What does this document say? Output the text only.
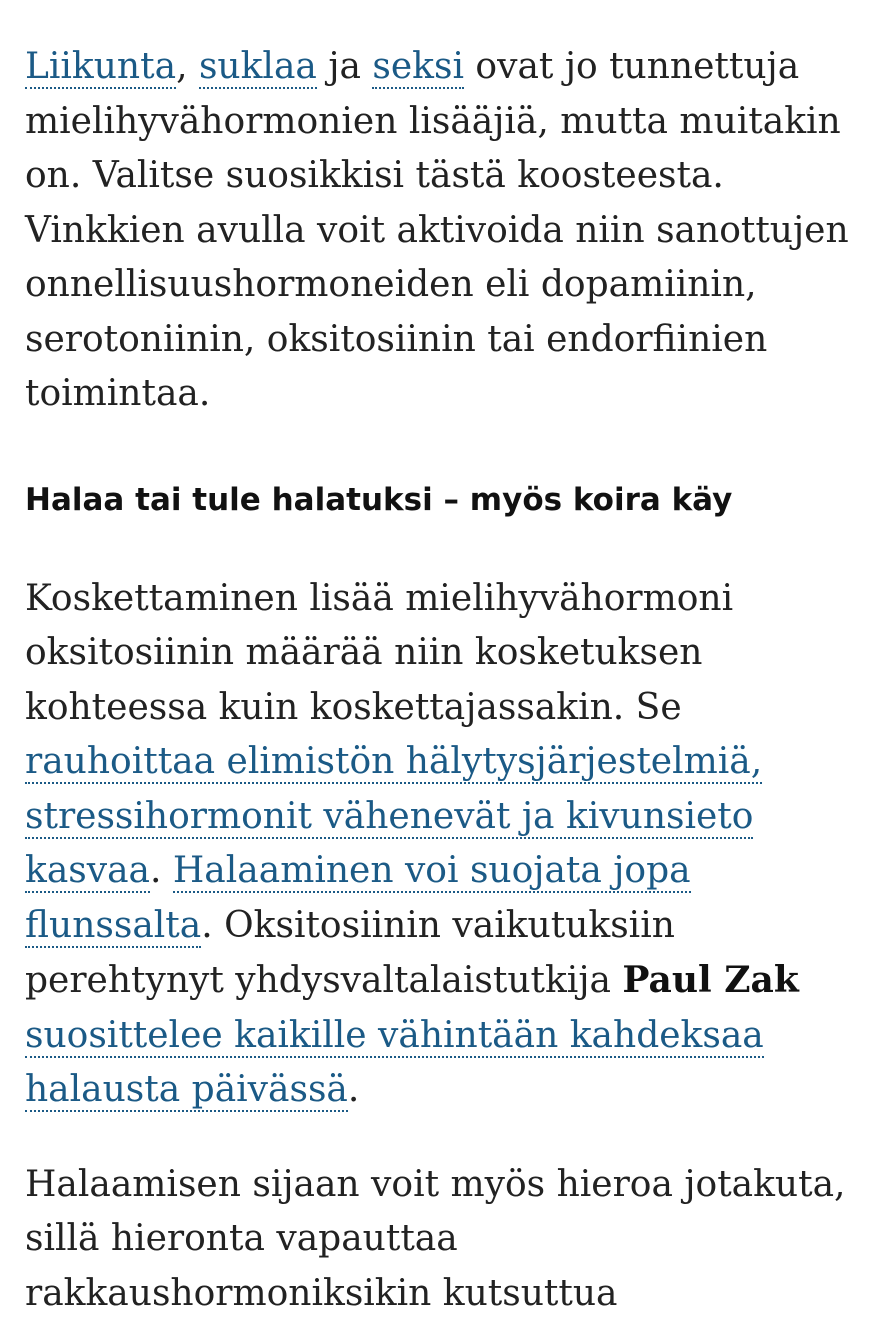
Liikunta, suklaa ja seksi ovat jo tunnettuja mielihyvähormonien lisääjiä, mutta muitakin on. Valitse suosikkisi tästä koosteesta. Vinkkien avulla voit aktivoida niin sanottujen onnellisuushormoneiden eli dopamiinin, serotoniinin, oksitosiinin tai endorfiinien toimintaa.

Halaa tai tule halatuksi – myös koira käy

Koskettaminen lisää mielihyvähormoni oksitosiinin määrää niin kosketuksen kohteessa kuin koskettajassakin. Se rauhoittaa elimistön hälytysjärjestelmiä, stressihormonit vähenevät ja kivunsieto kasvaa. Halaaminen voi suojata jopa flunssalta. Oksitosiinin vaikutuksiin perehtynyt yhdysvaltalaistutkija Paul Zak suosittelee kaikille vähintään kahdeksaa halausta päivässä.

Halaamisen sijaan voit myös hieroa jotakuta, sillä hieronta vapauttaa rakkaushormoniksikin kutsuttua
